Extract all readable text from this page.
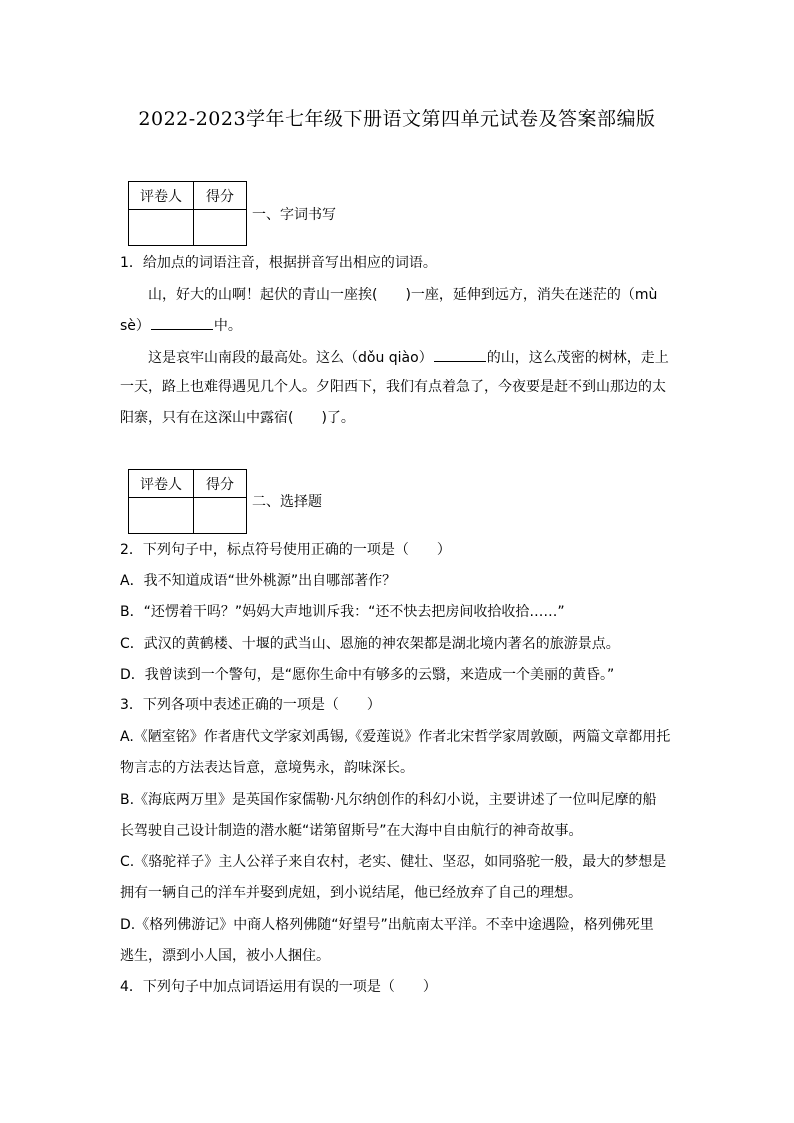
2022-2023学年七年级下册语文第四单元试卷及答案部编版
评卷人	得分

一、字词书写
1．给加点的词语注音，根据拼音写出相应的词语。
山，好大的山啊！起伏的青山一座挨(　　)一座，延伸到远方，消失在迷茫的（mù
sè）	中。
这是哀牢山南段的最高处。这么（dǒu qiào）	的山，这么茂密的树林，走上
一天，路上也难得遇见几个人。夕阳西下，我们有点着急了，今夜要是赶不到山那边的太
阳寨，只有在这深山中露宿(　　)了。
评卷人	得分

二、选择题
2．下列句子中，标点符号使用正确的一项是（　　）
A．我不知道成语“世外桃源”出自哪部著作？
B．“还愣着干吗？”妈妈大声地训斥我：“还不快去把房间收拾收拾……”
C．武汉的黄鹤楼、十堰的武当山、恩施的神农架都是湖北境内著名的旅游景点。
D．我曾读到一个警句，是“愿你生命中有够多的云翳，来造成一个美丽的黄昏。”
3．下列各项中表述正确的一项是（　　）
A.《陋室铭》作者唐代文学家刘禹锡,《爱莲说》作者北宋哲学家周敦颐，两篇文章都用托
物言志的方法表达旨意，意境隽永，韵味深长。
B.《海底两万里》是英国作家儒勒·凡尔纳创作的科幻小说，主要讲述了一位叫尼摩的船
长驾驶自己设计制造的潜水艇“诺第留斯号”在大海中自由航行的神奇故事。
C.《骆驼祥子》主人公祥子来自农村，老实、健壮、坚忍，如同骆驼一般，最大的梦想是
拥有一辆自己的洋车并娶到虎妞，到小说结尾，他已经放弃了自己的理想。
D.《格列佛游记》中商人格列佛随“好望号”出航南太平洋。不幸中途遇险，格列佛死里
逃生，漂到小人国，被小人捆住。
4．下列句子中加点词语运用有误的一项是（　　）
